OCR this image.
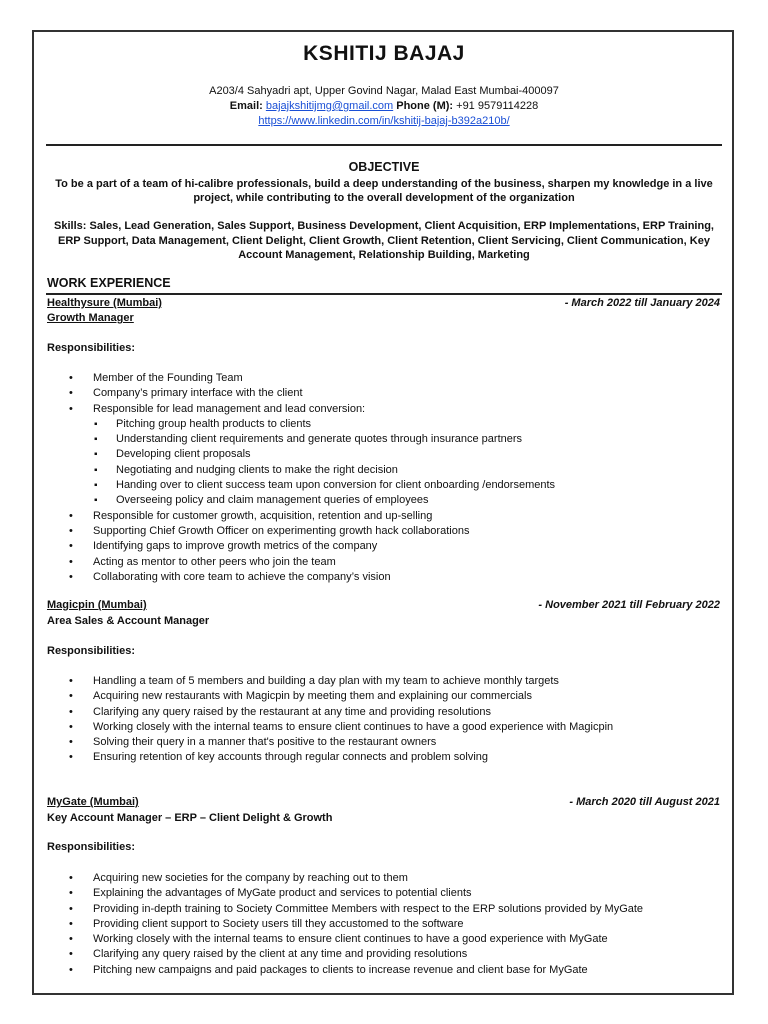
KSHITIJ BAJAJ
A203/4 Sahyadri apt, Upper Govind Nagar, Malad East Mumbai-400097
Email: bajajkshitijmg@gmail.com Phone (M): +91 9579114228
https://www.linkedin.com/in/kshitij-bajaj-b392a210b/
OBJECTIVE
To be a part of a team of hi-calibre professionals, build a deep understanding of the business, sharpen my knowledge in a live
project, while contributing to the overall development of the organization
Skills: Sales, Lead Generation, Sales Support, Business Development, Client Acquisition, ERP Implementations, ERP Training,
ERP Support, Data Management, Client Delight, Client Growth, Client Retention, Client Servicing, Client Communication, Key
Account Management, Relationship Building, Marketing
WORK EXPERIENCE
Healthysure (Mumbai)	- March 2022 till January 2024
Growth Manager
Responsibilities:
• Member of the Founding Team
• Company’s primary interface with the client
• Responsible for lead management and lead conversion:
▪ Pitching group health products to clients
▪ Understanding client requirements and generate quotes through insurance partners
▪ Developing client proposals
▪ Negotiating and nudging clients to make the right decision
▪ Handing over to client success team upon conversion for client onboarding /endorsements
▪ Overseeing policy and claim management queries of employees
• Responsible for customer growth, acquisition, retention and up-selling
• Supporting Chief Growth Officer on experimenting growth hack collaborations
• Identifying gaps to improve growth metrics of the company
• Acting as mentor to other peers who join the team
• Collaborating with core team to achieve the company’s vision
Magicpin (Mumbai)	- November 2021 till February 2022
Area Sales & Account Manager
Responsibilities:
• Handling a team of 5 members and building a day plan with my team to achieve monthly targets
• Acquiring new restaurants with Magicpin by meeting them and explaining our commercials
• Clarifying any query raised by the restaurant at any time and providing resolutions
• Working closely with the internal teams to ensure client continues to have a good experience with Magicpin
• Solving their query in a manner that's positive to the restaurant owners
• Ensuring retention of key accounts through regular connects and problem solving
MyGate (Mumbai)	- March 2020 till August 2021
Key Account Manager – ERP – Client Delight & Growth
Responsibilities:
• Acquiring new societies for the company by reaching out to them
• Explaining the advantages of MyGate product and services to potential clients
• Providing in-depth training to Society Committee Members with respect to the ERP solutions provided by MyGate
• Providing client support to Society users till they accustomed to the software
• Working closely with the internal teams to ensure client continues to have a good experience with MyGate
• Clarifying any query raised by the client at any time and providing resolutions
• Pitching new campaigns and paid packages to clients to increase revenue and client base for MyGate
